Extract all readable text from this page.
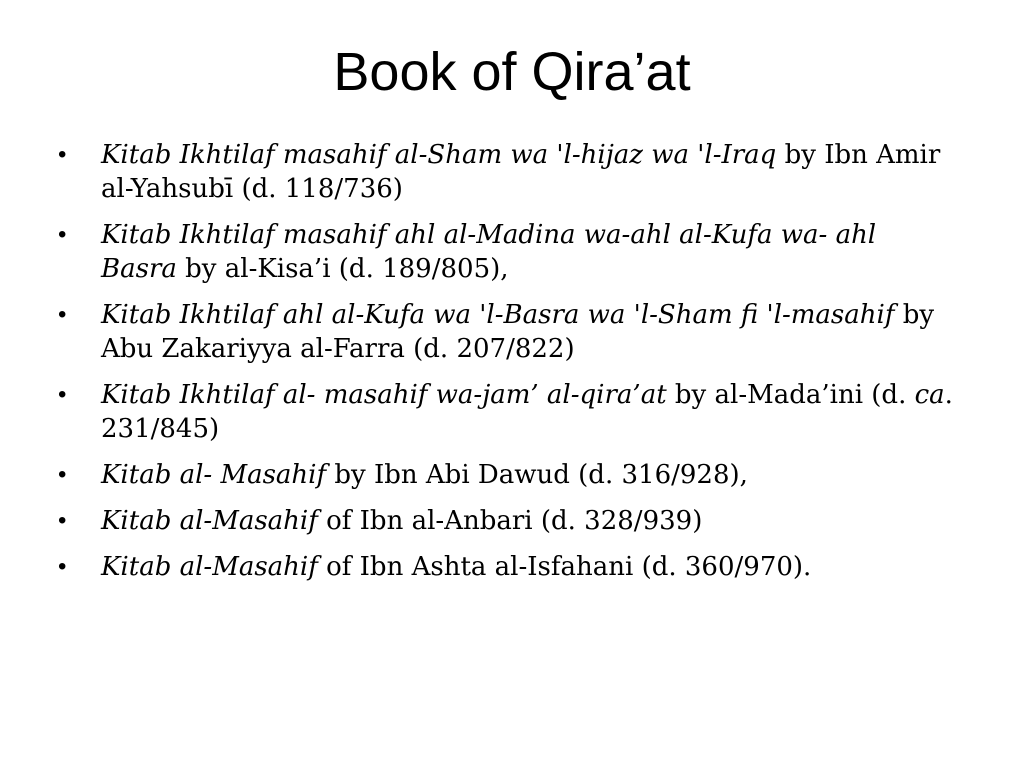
Book of Qira’at
•	Kitab Ikhtilaf masahif al-Sham wa 'l-hijaz wa 'l-Iraq by Ibn Amir al-Yahsubī (d. 118/736)
•	Kitab Ikhtilaf masahif ahl al-Madina wa-ahl al-Kufa wa- ahl Basra by al-Kisa’i (d. 189/805),
•	Kitab Ikhtilaf ahl al-Kufa wa 'l-Basra wa 'l-Sham fi 'l-masahif by Abu Zakariyya al-Farra (d. 207/822)
•	Kitab Ikhtilaf al- masahif wa-jam’ al-qira’at by al-Mada’ini (d. ca. 231/845)
•	Kitab al- Masahif by Ibn Abi Dawud (d. 316/928),
•	Kitab al-Masahif of Ibn al-Anbari (d. 328/939)
•	Kitab al-Masahif of Ibn Ashta al-Isfahani (d. 360/970).
